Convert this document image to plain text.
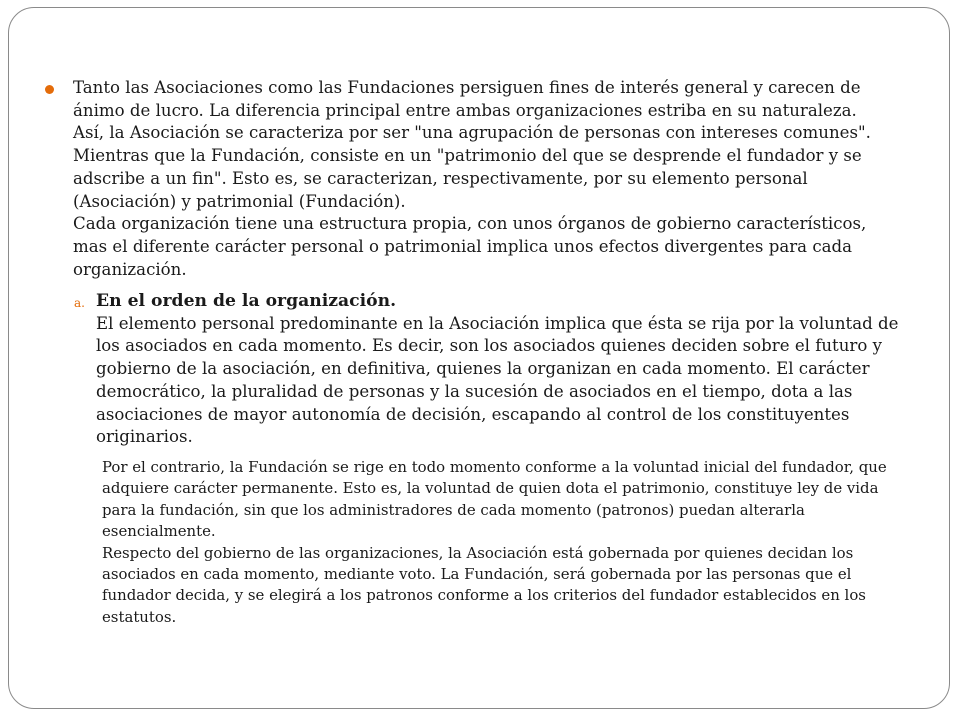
Tanto las Asociaciones como las Fundaciones persiguen fines de interés general y carecen de ánimo de lucro. La diferencia principal entre ambas organizaciones estriba en su naturaleza. Así, la Asociación se caracteriza por ser "una agrupación de personas con intereses comunes". Mientras que la Fundación, consiste en un "patrimonio del que se desprende el fundador y se adscribe a un fin". Esto es, se caracterizan, respectivamente, por su elemento personal (Asociación) y patrimonial (Fundación).

Cada organización tiene una estructura propia, con unos órganos de gobierno característicos, mas el diferente carácter personal o patrimonial implica unos efectos divergentes para cada organización.

a. En el orden de la organización.

El elemento personal predominante en la Asociación implica que ésta se rija por la voluntad de los asociados en cada momento. Es decir, son los asociados quienes deciden sobre el futuro y gobierno de la asociación, en definitiva, quienes la organizan en cada momento. El carácter democrático, la pluralidad de personas y la sucesión de asociados en el tiempo, dota a las asociaciones de mayor autonomía de decisión, escapando al control de los constituyentes originarios.

Por el contrario, la Fundación se rige en todo momento conforme a la voluntad inicial del fundador, que adquiere carácter permanente. Esto es, la voluntad de quien dota el patrimonio, constituye ley de vida para la fundación, sin que los administradores de cada momento (patronos) puedan alterarla esencialmente.

Respecto del gobierno de las organizaciones, la Asociación está gobernada por quienes decidan los asociados en cada momento, mediante voto. La Fundación, será gobernada por las personas que el fundador decida, y se elegirá a los patronos conforme a los criterios del fundador establecidos en los estatutos.
